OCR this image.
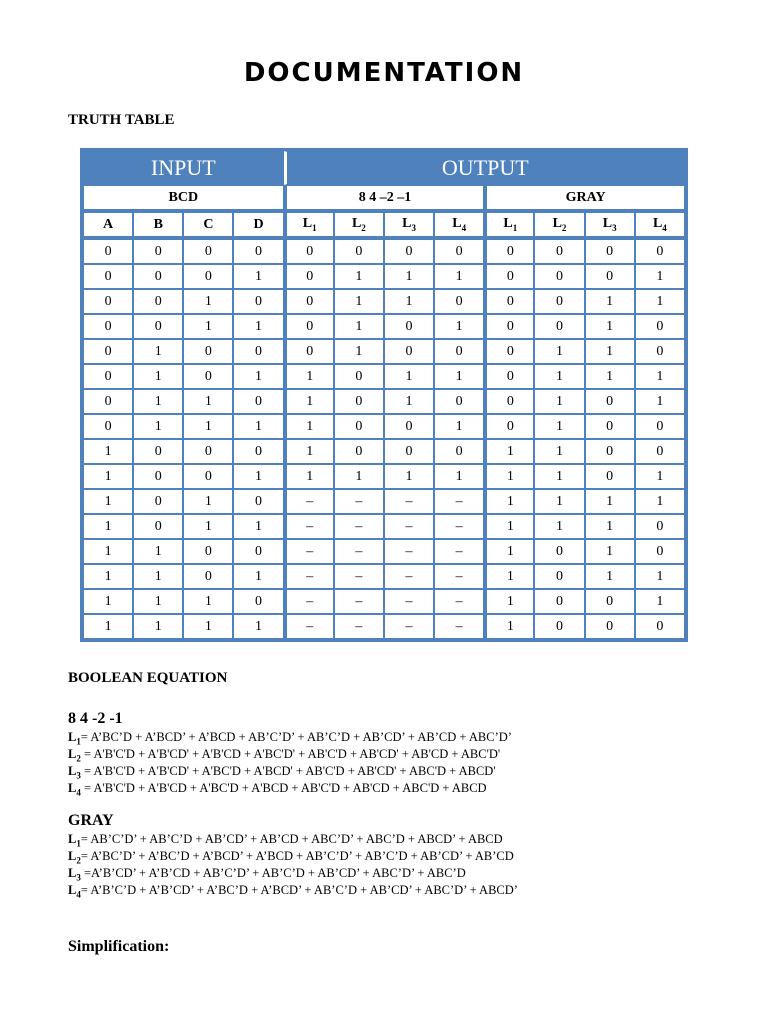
DOCUMENTATION
TRUTH TABLE
INPUT				OUTPUT							
BCD				8 4 –2 –1				GRAY			
A	B	C	D	$L_1$	$L_2$	$L_3$	$L_4$	$L_1$	$L_2$	$L_3$	$L_4$
0	0	0	0	0	0	0	0	0	0	0	0
0	0	0	1	0	1	1	1	0	0	0	1
0	0	1	0	0	1	1	0	0	0	1	1
0	0	1	1	0	1	0	1	0	0	1	0
0	1	0	0	0	1	0	0	0	1	1	0
0	1	0	1	1	0	1	1	0	1	1	1
0	1	1	0	1	0	1	0	0	1	0	1
0	1	1	1	1	0	0	1	0	1	0	0
1	0	0	0	1	0	0	0	1	1	0	0
1	0	0	1	1	1	1	1	1	1	0	1
1	0	1	0	–	–	–	–	1	1	1	1
1	0	1	1	–	–	–	–	1	1	1	0
1	1	0	0	–	–	–	–	1	0	1	0
1	1	0	1	–	–	–	–	1	0	1	1
1	1	1	0	–	–	–	–	1	0	0	1
1	1	1	1	–	–	–	–	1	0	0	0
BOOLEAN EQUATION
8 4 -2 -1
$L_1=$ A’BC’D + A’BCD’ + A’BCD + AB’C’D’ + AB’C’D + AB’CD’ + AB’CD + ABC’D’
$L_2 = A'B'C'D + A'B'CD' + A'B'CD + A'BC'D' + AB'C'D + AB'CD' + AB'CD + ABC'D'$
$L_3 = A'B'C'D + A'B'CD' + A'BC'D + A'BCD' + AB'C'D + AB'CD' + ABC'D$ + ABCD'
$L_4 = A'B'C'D + A'B'CD + A'BC'D + A'BCD + AB'C'D + AB'CD + ABC'D$ + ABCD
GRAY
$L_1=$ AB’C’D’ + AB’C’D + AB’CD’ + AB’CD + ABC’D’ + ABC’D + ABCD’ + ABCD
$L_2=$ A’BC’D’ + A’BC’D + A’BCD’ + A’BCD + AB’C’D’ + AB’C’D + AB’CD’ + AB’CD
$L_3$ =A’B’CD’ + A’B’CD + AB’C’D’ + AB’C’D + AB’CD’ + ABC’D’ + ABC’D
$L_4=$ A’B’C’D + A’B’CD’ + A’BC’D + A’BCD’ + AB’C’D + AB’CD’ + ABC’D’ + ABCD’
Simplification:
